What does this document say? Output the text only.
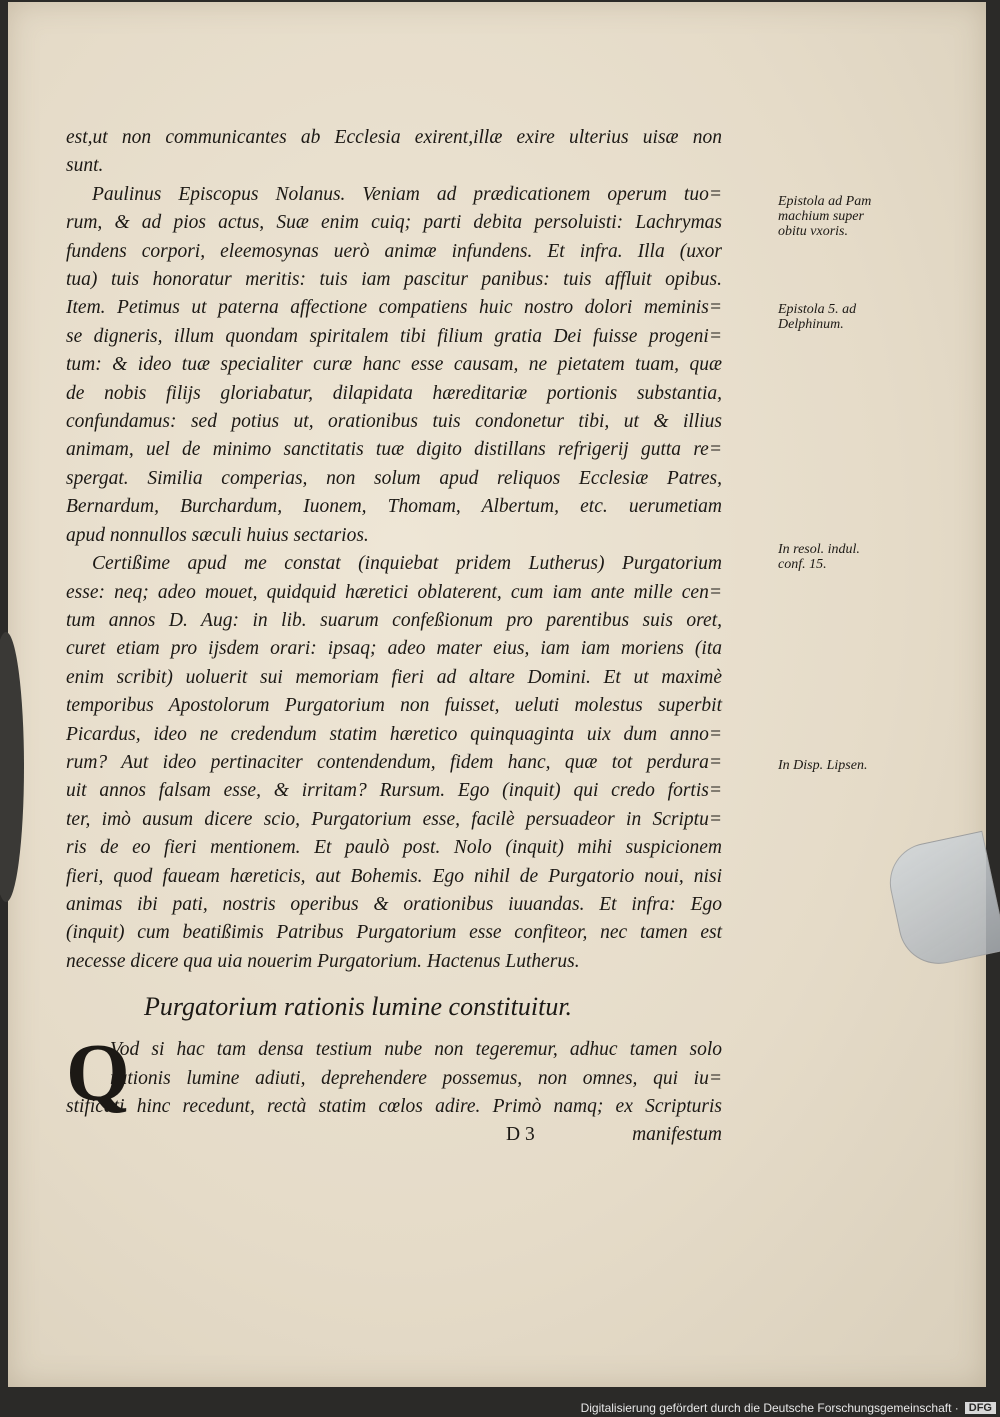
est,ut non communicantes ab Ecclesia exirent,illæ exire ulterius uisæ non
sunt.
Paulinus Episcopus Nolanus. Veniam ad prædicationem operum tuo=
rum, & ad pios actus, Suæ enim cuiq; parti debita persoluisti: Lachrymas
fundens corpori, eleemosynas uerò animæ infundens. Et infra. Illa (uxor
tua) tuis honoratur meritis: tuis iam pascitur panibus: tuis affluit opibus.
Item. Petimus ut paterna affectione compatiens huic nostro dolori meminis=
se digneris, illum quondam spiritalem tibi filium gratia Dei fuisse progeni=
tum: & ideo tuæ specialiter curæ hanc esse causam, ne pietatem tuam, quæ
de nobis filijs gloriabatur, dilapidata hæreditariæ portionis substantia,
confundamus: sed potius ut, orationibus tuis condonetur tibi, ut & illius
animam, uel de minimo sanctitatis tuæ digito distillans refrigerij gutta re=
spergat. Similia comperias, non solum apud reliquos Ecclesiæ Patres,
Bernardum, Burchardum, Iuonem, Thomam, Albertum, etc. uerumetiam
apud nonnullos sæculi huius sectarios.
Certißime apud me constat (inquiebat pridem Lutherus) Purgatorium
esse: neq; adeo mouet, quidquid hæretici oblaterent, cum iam ante mille cen=
tum annos D. Aug: in lib. suarum confeßionum pro parentibus suis oret,
curet etiam pro ijsdem orari: ipsaq; adeo mater eius, iam iam moriens (ita
enim scribit) uoluerit sui memoriam fieri ad altare Domini. Et ut maximè
temporibus Apostolorum Purgatorium non fuisset, ueluti molestus superbit
Picardus, ideo ne credendum statim hæretico quinquaginta uix dum anno=
rum? Aut ideo pertinaciter contendendum, fidem hanc, quæ tot perdura=
uit annos falsam esse, & irritam? Rursum. Ego (inquit) qui credo fortis=
ter, imò ausum dicere scio, Purgatorium esse, facilè persuadeor in Scriptu=
ris de eo fieri mentionem. Et paulò post. Nolo (inquit) mihi suspicionem
fieri, quod faueam hæreticis, aut Bohemis. Ego nihil de Purgatorio noui, nisi
animas ibi pati, nostris operibus & orationibus iuuandas. Et infra: Ego
(inquit) cum beatißimis Patribus Purgatorium esse confiteor, nec tamen est
necesse dicere qua uia nouerim Purgatorium. Hactenus Lutherus.
Purgatorium rationis lumine constituitur.
Q
Vod si hac tam densa testium nube non tegeremur, adhuc tamen solo
rationis lumine adiuti, deprehendere possemus, non omnes, qui iu=
stificati hinc recedunt, rectà statim cœlos adire. Primò namq; ex Scripturis
D 3	manifestum
Epistola ad Pam
machium super
obitu vxoris.
Epistola 5. ad
Delphinum.
In resol. indul.
conf. 15.
In Disp. Lipsen.
Digitalisierung gefördert durch die Deutsche Forschungsgemeinschaft · DFG
